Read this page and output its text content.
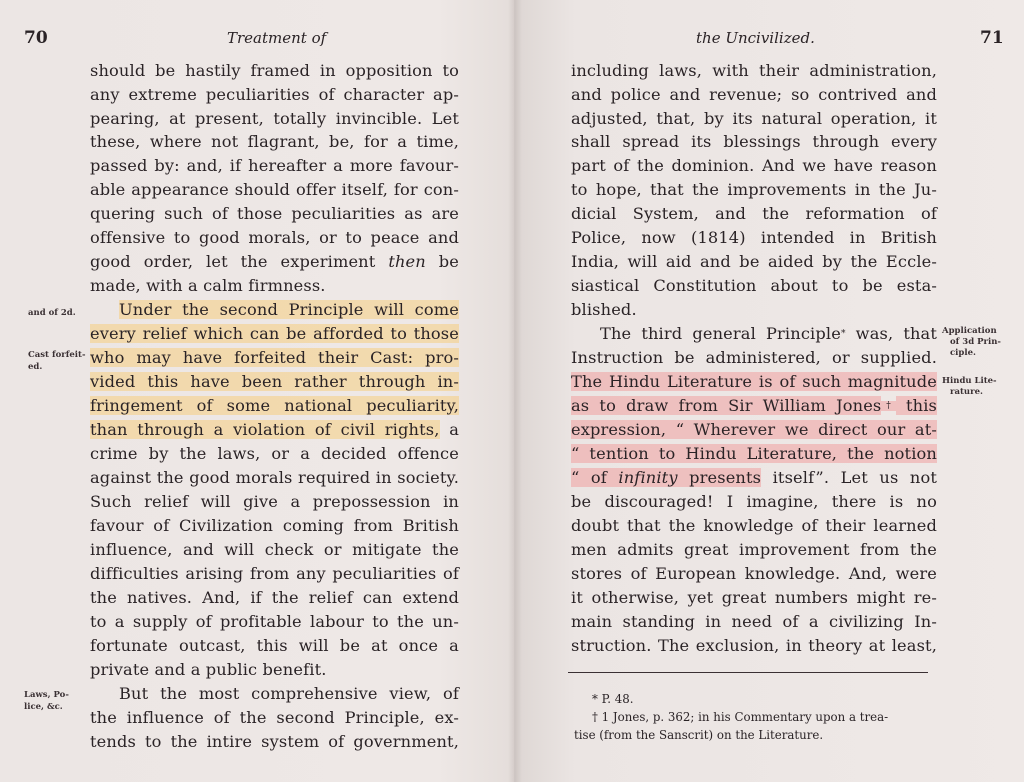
70	Treatment of

and of 2d.

Cast forfeit-

ed.

Laws, Po-

lice, &c.

should be hastily framed in opposition to

any extreme peculiarities of character ap-

pearing, at present, totally invincible. Let

these, where not flagrant, be, for a time,

passed by: and, if hereafter a more favour-

able appearance should offer itself, for con-

quering such of those peculiarities as are

offensive to good morals, or to peace and

good order, let the experiment then be

made, with a calm firmness.

Under the second Principle will come

every relief which can be afforded to those

who may have forfeited their Cast: pro-

vided this have been rather through in-

fringement of some national peculiarity,

than through a violation of civil rights, a

crime by the laws, or a decided offence

against the good morals required in society.

Such relief will give a prepossession in

favour of Civilization coming from British

influence, and will check or mitigate the

difficulties arising from any peculiarities of

the natives. And, if the relief can extend

to a supply of profitable labour to the un-

fortunate outcast, this will be at once a

private and a public benefit.

But the most comprehensive view, of

the influence of the second Principle, ex-

tends to the intire system of government,

71

the Uncivilized.

Application

of 3d Prin-

ciple.

Hindu Lite-

rature.

including laws, with their administration,

and police and revenue; so contrived and

adjusted, that, by its natural operation, it

shall spread its blessings through every

part of the dominion. And we have reason

to hope, that the improvements in the Ju-

dicial System, and the reformation of

Police, now (1814) intended in British

India, will aid and be aided by the Eccle-

siastical Constitution about to be esta-

blished.

The third general Principle* was, that

Instruction be administered, or supplied.

The Hindu Literature is of such magnitude

as to draw from Sir William Jones† this

expression, “ Wherever we direct our at-

“ tention to Hindu Literature, the notion

“ of infinity presents itself”. Let us not

be discouraged! I imagine, there is no

doubt that the knowledge of their learned

men admits great improvement from the

stores of European knowledge. And, were

it otherwise, yet great numbers might re-

main standing in need of a civilizing In-

struction. The exclusion, in theory at least,

* P. 48.

† 1 Jones, p. 362; in his Commentary upon a trea-

tise (from the Sanscrit) on the Literature.
